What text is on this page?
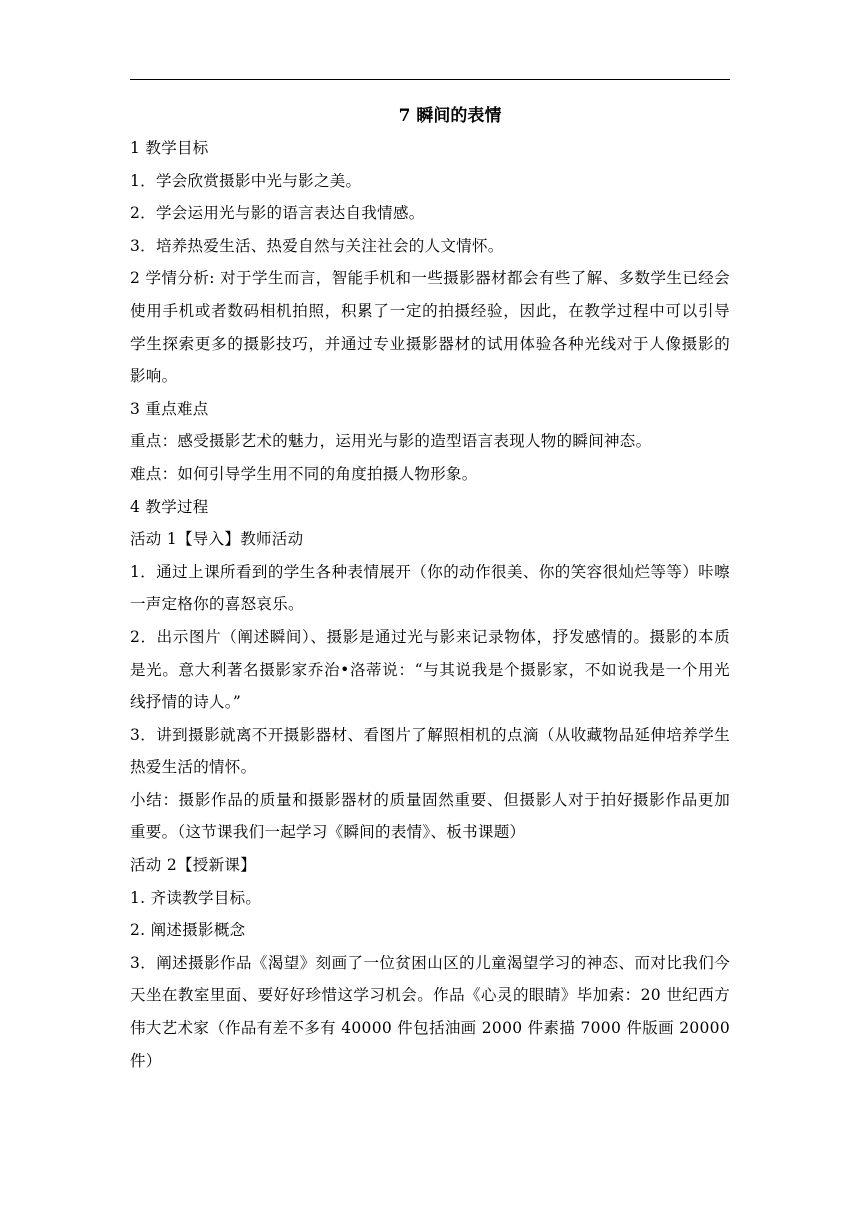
7 瞬间的表情

1 教学目标

1．学会欣赏摄影中光与影之美。

2．学会运用光与影的语言表达自我情感。

3．培养热爱生活、热爱自然与关注社会的人文情怀。

2 学情分析: 对于学生而言，智能手机和一些摄影器材都会有些了解、多数学生已经会使用手机或者数码相机拍照，积累了一定的拍摄经验，因此，在教学过程中可以引导学生探索更多的摄影技巧，并通过专业摄影器材的试用体验各种光线对于人像摄影的影响。

3 重点难点

重点：感受摄影艺术的魅力，运用光与影的造型语言表现人物的瞬间神态。

难点：如何引导学生用不同的角度拍摄人物形象。

4 教学过程

活动 1【导入】教师活动

1．通过上课所看到的学生各种表情展开（你的动作很美、你的笑容很灿烂等等）咔嚓一声定格你的喜怒哀乐。

2．出示图片（阐述瞬间）、摄影是通过光与影来记录物体，抒发感情的。摄影的本质是光。意大利著名摄影家乔治•洛蒂说：“与其说我是个摄影家，不如说我是一个用光线抒情的诗人。”

3．讲到摄影就离不开摄影器材、看图片了解照相机的点滴（从收藏物品延伸培养学生热爱生活的情怀。

小结：摄影作品的质量和摄影器材的质量固然重要、但摄影人对于拍好摄影作品更加重要。（这节课我们一起学习《瞬间的表情》、板书课题）

活动 2【授新课】

1. 齐读教学目标。

2. 阐述摄影概念

3．阐述摄影作品《渴望》刻画了一位贫困山区的儿童渴望学习的神态、而对比我们今天坐在教室里面、要好好珍惜这学习机会。作品《心灵的眼睛》毕加索：20 世纪西方伟大艺术家（作品有差不多有 40000 件包括油画 2000 件素描 7000 件版画 20000 件）
